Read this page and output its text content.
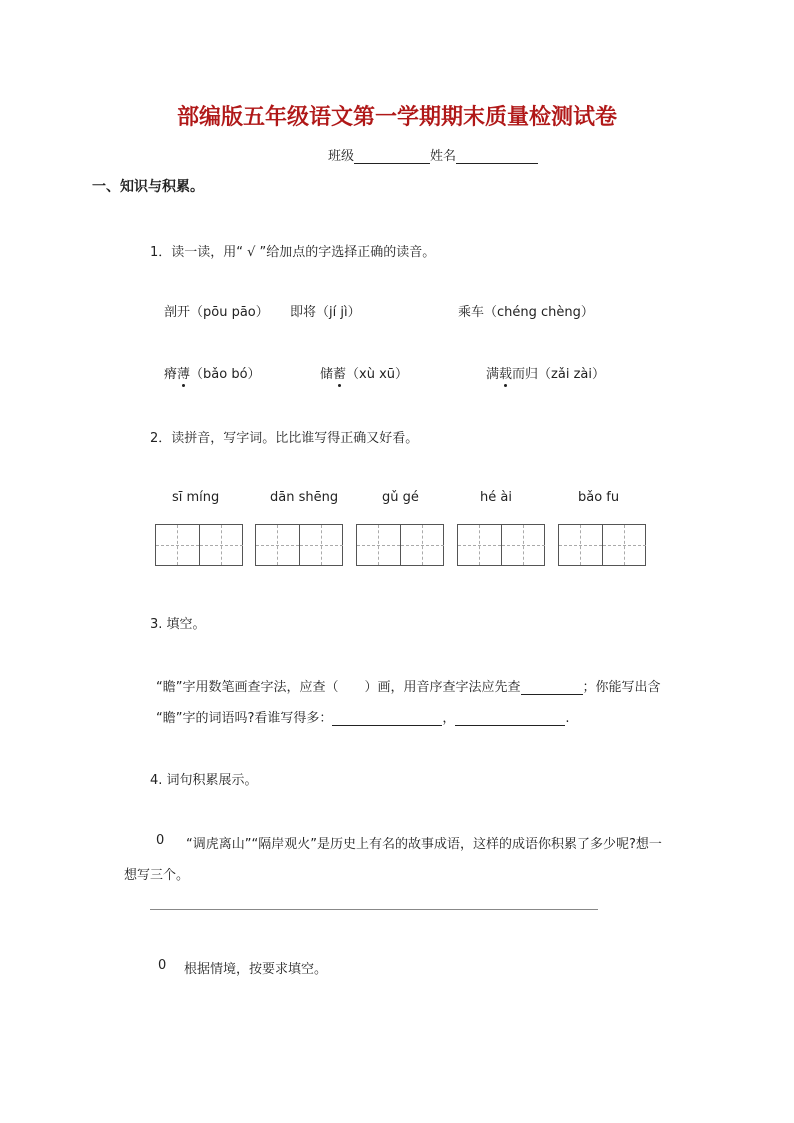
部编版五年级语文第一学期期末质量检测试卷
班级	姓名
一、知识与积累。
1．读一读，用“ √ ”给加点的字选择正确的读音。
剖开（pōu pāo） 即将（jí jì）	乘车（chéng chèng）
瘠薄（bǎo bó）	储蓄（xù xū）	满载而归（zǎi zài）
2．读拼音，写字词。比比谁写得正确又好看。
sī míng	dān shēng	gǔ gé	hé ài	bǎo fu
3. 填空。
“瞻”字用数笔画查字法，应查（ ）画，用音序查字法应先查	；你能写出含
“瞻”字的词语吗?看谁写得多：	，	.
4. 词句积累展示。
0 “调虎离山”“隔岸观火”是历史上有名的故事成语，这样的成语你积累了多少呢?想一
想写三个。
0 根据情境，按要求填空。
